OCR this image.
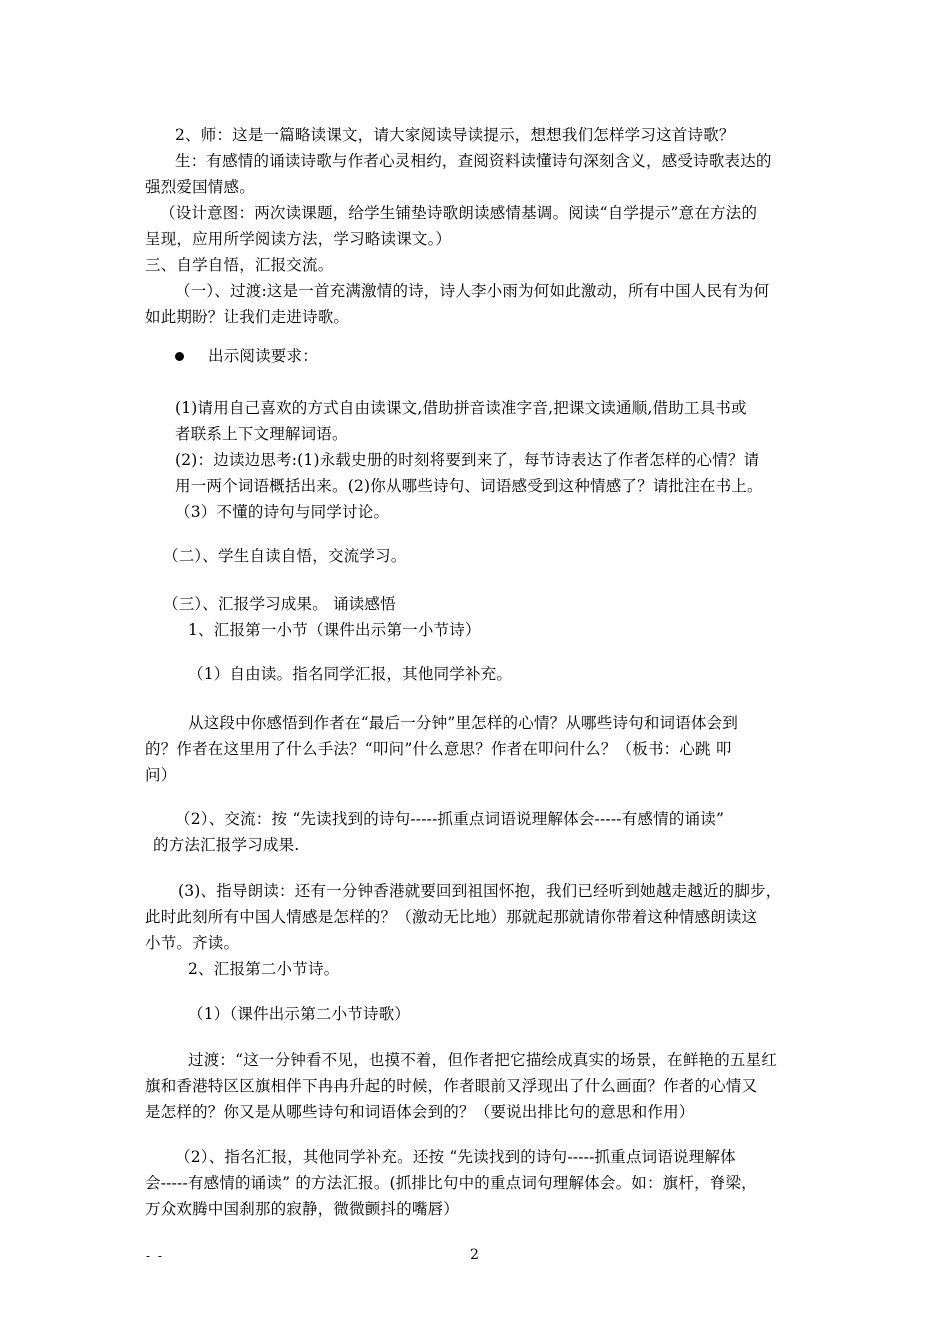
2、师：这是一篇略读课文，请大家阅读导读提示，想想我们怎样学习这首诗歌？
生：有感情的诵读诗歌与作者心灵相约，查阅资料读懂诗句深刻含义，感受诗歌表达的
强烈爱国情感。
（设计意图：两次读课题，给学生铺垫诗歌朗读感情基调。阅读“自学提示”意在方法的
呈现，应用所学阅读方法，学习略读课文。）
三、自学自悟，汇报交流。
（一）、过渡:这是一首充满激情的诗，诗人李小雨为何如此激动，所有中国人民有为何
如此期盼？让我们走进诗歌。
出示阅读要求：
(1)请用自己喜欢的方式自由读课文,借助拼音读准字音,把课文读通顺,借助工具书或
者联系上下文理解词语。
(2)：边读边思考:(1)永载史册的时刻将要到来了，每节诗表达了作者怎样的心情？请
用一两个词语概括出来。(2)你从哪些诗句、词语感受到这种情感了？请批注在书上。
（3）不懂的诗句与同学讨论。
（二）、学生自读自悟，交流学习。
（三）、汇报学习成果。 诵读感悟
1、汇报第一小节（课件出示第一小节诗）
（1）自由读。指名同学汇报，其他同学补充。
从这段中你感悟到作者在“最后一分钟”里怎样的心情？从哪些诗句和词语体会到
的？作者在这里用了什么手法？“叩问”什么意思？作者在叩问什么？（板书：心跳 叩
问）
（2）、交流：按 “先读找到的诗句-----抓重点词语说理解体会-----有感情的诵读”
的方法汇报学习成果.
(3)、指导朗读：还有一分钟香港就要回到祖国怀抱，我们已经听到她越走越近的脚步，
此时此刻所有中国人情感是怎样的？（激动无比地）那就起那就请你带着这种情感朗读这
小节。齐读。
2、汇报第二小节诗。
（1）（课件出示第二小节诗歌）
过渡：“这一分钟看不见，也摸不着，但作者把它描绘成真实的场景，在鲜艳的五星红
旗和香港特区区旗相伴下冉冉升起的时候，作者眼前又浮现出了什么画面？作者的心情又
是怎样的？你又是从哪些诗句和词语体会到的？（要说出排比句的意思和作用）
（2）、指名汇报，其他同学补充。还按 “先读找到的诗句-----抓重点词语说理解体
会-----有感情的诵读” 的方法汇报。(抓排比句中的重点词句理解体会。如：旗杆，脊梁，
万众欢腾中国刹那的寂静，微微颤抖的嘴唇）
- -	2
